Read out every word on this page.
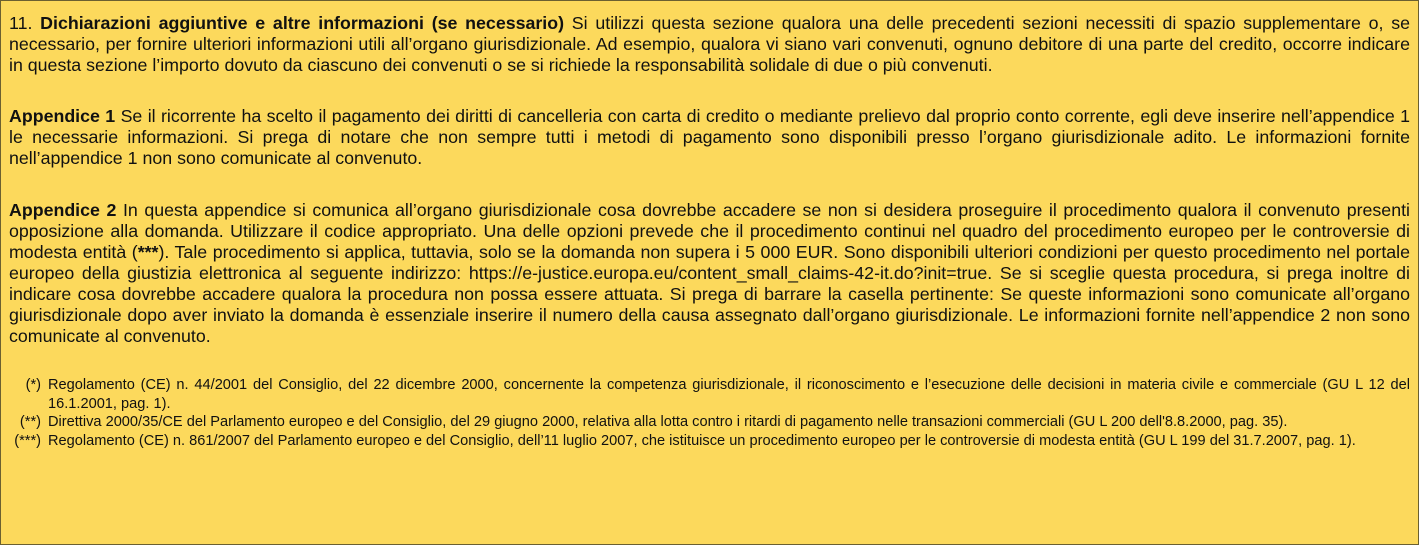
11. Dichiarazioni aggiuntive e altre informazioni (se necessario) Si utilizzi questa sezione qualora una delle precedenti sezioni necessiti di spazio supplementare o, se necessario, per fornire ulteriori informazioni utili all’organo giurisdizionale. Ad esempio, qualora vi siano vari convenuti, ognuno debitore di una parte del credito, occorre indicare in questa sezione l’importo dovuto da ciascuno dei convenuti o se si richiede la responsabilità solidale di due o più convenuti.

Appendice 1 Se il ricorrente ha scelto il pagamento dei diritti di cancelleria con carta di credito o mediante prelievo dal proprio conto corrente, egli deve inserire nell’appendice 1 le necessarie informazioni. Si prega di notare che non sempre tutti i metodi di pagamento sono disponibili presso l’organo giurisdizionale adito. Le informazioni fornite nell’appendice 1 non sono comunicate al convenuto.

Appendice 2 In questa appendice si comunica all’organo giurisdizionale cosa dovrebbe accadere se non si desidera proseguire il procedimento qualora il convenuto presenti opposizione alla domanda. Utilizzare il codice appropriato. Una delle opzioni prevede che il procedimento continui nel quadro del procedimento europeo per le controversie di modesta entità (***). Tale procedimento si applica, tuttavia, solo se la domanda non supera i 5 000 EUR. Sono disponibili ulteriori condizioni per questo procedimento nel portale europeo della giustizia elettronica al seguente indirizzo: https://e-justice.europa.eu/content_small_claims-42-it.do?init=true. Se si sceglie questa procedura, si prega inoltre di indicare cosa dovrebbe accadere qualora la procedura non possa essere attuata. Si prega di barrare la casella pertinente: Se queste informazioni sono comunicate all’organo giurisdizionale dopo aver inviato la domanda è essenziale inserire il numero della causa assegnato dall’organo giurisdizionale. Le informazioni fornite nell’appendice 2 non sono comunicate al convenuto.

(*) Regolamento (CE) n. 44/2001 del Consiglio, del 22 dicembre 2000, concernente la competenza giurisdizionale, il riconoscimento e l’esecuzione delle decisioni in materia civile e commerciale (GU L 12 del 16.1.2001, pag. 1).
(**) Direttiva 2000/35/CE del Parlamento europeo e del Consiglio, del 29 giugno 2000, relativa alla lotta contro i ritardi di pagamento nelle transazioni commerciali (GU L 200 dell'8.8.2000, pag. 35).
(***) Regolamento (CE) n. 861/2007 del Parlamento europeo e del Consiglio, dell’11 luglio 2007, che istituisce un procedimento europeo per le controversie di modesta entità (GU L 199 del 31.7.2007, pag. 1).
